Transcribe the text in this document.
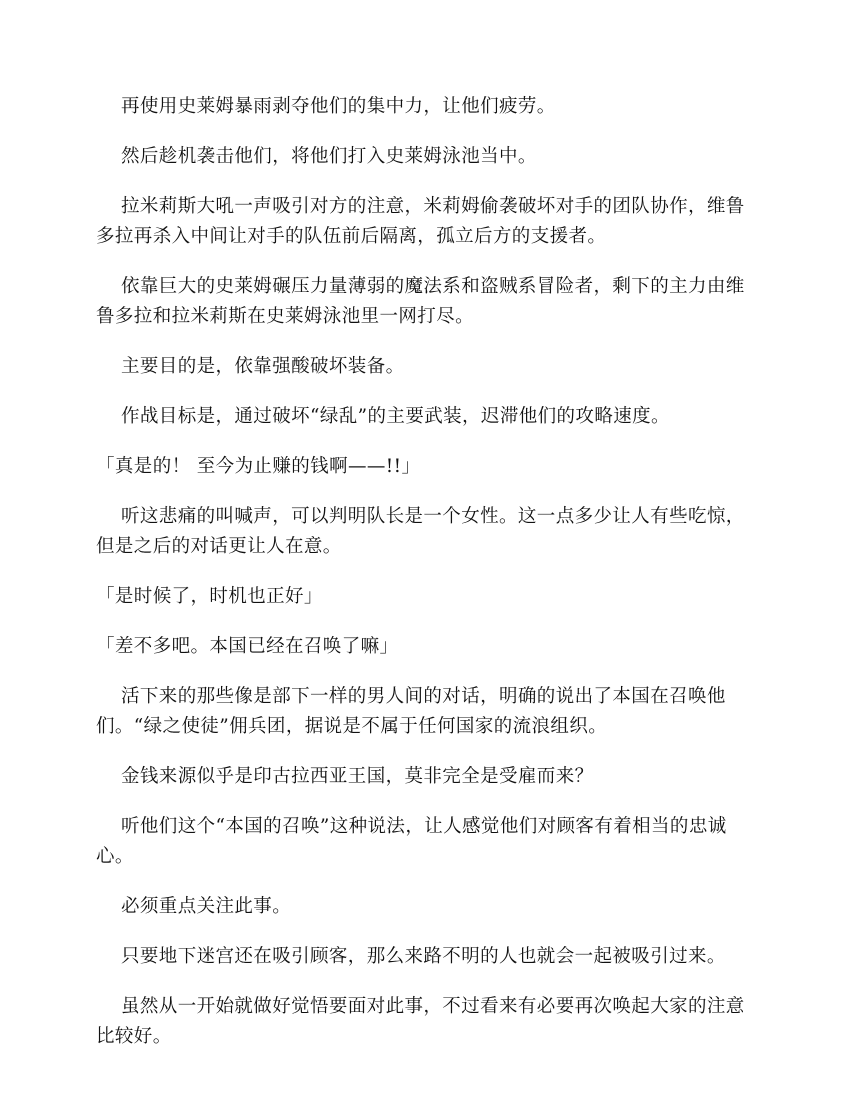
再使用史莱姆暴雨剥夺他们的集中力，让他们疲劳。

然后趁机袭击他们，将他们打入史莱姆泳池当中。

拉米莉斯大吼一声吸引对方的注意，米莉姆偷袭破坏对手的团队协作，维鲁多拉再杀入中间让对手的队伍前后隔离，孤立后方的支援者。

依靠巨大的史莱姆碾压力量薄弱的魔法系和盗贼系冒险者，剩下的主力由维鲁多拉和拉米莉斯在史莱姆泳池里一网打尽。

主要目的是，依靠强酸破坏装备。

作战目标是，通过破坏“绿乱”的主要武装，迟滞他们的攻略速度。

「真是的！ 至今为止赚的钱啊——!!」

听这悲痛的叫喊声，可以判明队长是一个女性。这一点多少让人有些吃惊，但是之后的对话更让人在意。

「是时候了，时机也正好」

「差不多吧。本国已经在召唤了嘛」

活下来的那些像是部下一样的男人间的对话，明确的说出了本国在召唤他们。“绿之使徒”佣兵团，据说是不属于任何国家的流浪组织。

金钱来源似乎是印古拉西亚王国，莫非完全是受雇而来？

听他们这个“本国的召唤”这种说法，让人感觉他们对顾客有着相当的忠诚心。

必须重点关注此事。

只要地下迷宫还在吸引顾客，那么来路不明的人也就会一起被吸引过来。

虽然从一开始就做好觉悟要面对此事，不过看来有必要再次唤起大家的注意比较好。
